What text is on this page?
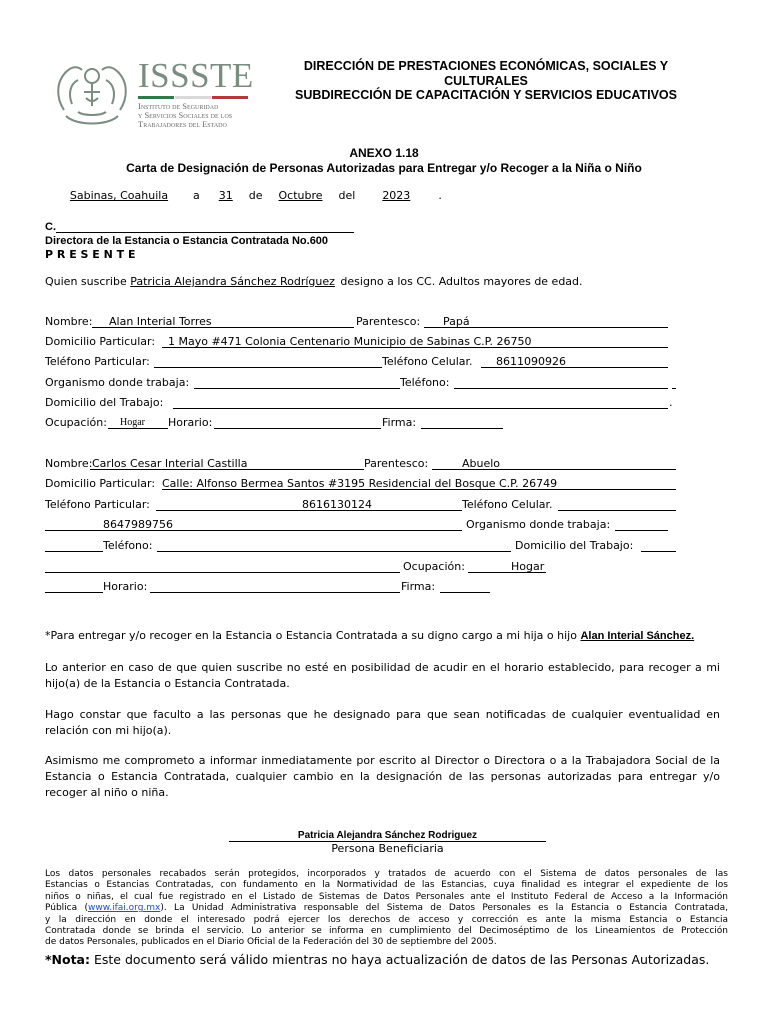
ISSSTE
Instituto de Seguridad
y Servicios Sociales de los
Trabajadores del Estado
DIRECCIÓN DE PRESTACIONES ECONÓMICAS, SOCIALES Y
CULTURALES
SUBDIRECCIÓN DE CAPACITACIÓN Y SERVICIOS EDUCATIVOS
ANEXO 1.18
Carta de Designación de Personas Autorizadas para Entregar y/o Recoger a la Niña o Niño
Sabinas, Coahuila a 31 de Octubre del 2023	.
C.
Directora de la Estancia o Estancia Contratada No.600
P R E S E N T E
Quien suscribe Patricia Alejandra Sánchez Rodríguez designo a los CC. Adultos mayores de edad.
Nombre: Alan Interial Torres	Parentesco: Papá
Domicilio Particular: 1 Mayo #471 Colonia Centenario Municipio de Sabinas C.P. 26750
Teléfono Particular:	Teléfono Celular. 8611090926
Organismo donde trabaja:	Teléfono:
Domicilio del Trabajo:	.
Ocupación: Hogar Horario:	Firma:
Nombre: Carlos Cesar Interial Castilla	Parentesco:	Abuelo
Domicilio Particular: Calle: Alfonso Bermea Santos #3195 Residencial del Bosque C.P. 26749
Teléfono Particular:	8616130124	Teléfono Celular.
8647989756	Organismo donde trabaja:
Teléfono:	Domicilio del Trabajo:
Ocupación:	Hogar
Horario:	Firma:
*Para entregar y/o recoger en la Estancia o Estancia Contratada a su digno cargo a mi hija o hijo Alan Interial Sánchez.
Lo anterior en caso de que quien suscribe no esté en posibilidad de acudir en el horario establecido, para recoger a mi hijo(a) de la Estancia o Estancia Contratada.
Hago constar que faculto a las personas que he designado para que sean notificadas de cualquier eventualidad en relación con mi hijo(a).
Asimismo me comprometo a informar inmediatamente por escrito al Director o Directora o a la Trabajadora Social de la Estancia o Estancia Contratada, cualquier cambio en la designación de las personas autorizadas para entregar y/o recoger al niño o niña.
Patricia Alejandra Sánchez Rodriguez
Persona Beneficiaria
Los datos personales recabados serán protegidos, incorporados y tratados de acuerdo con el Sistema de datos personales de las
Estancias o Estancias Contratadas, con fundamento en la Normatividad de las Estancias, cuya finalidad es integrar el expediente de los
niños o niñas, el cual fue registrado en el Listado de Sistemas de Datos Personales ante el Instituto Federal de Acceso a la Información
Pública (www.ifai.org.mx). La Unidad Administrativa responsable del Sistema de Datos Personales es la Estancia o Estancia Contratada,
y la dirección en donde el interesado podrá ejercer los derechos de acceso y corrección es ante la misma Estancia o Estancia
Contratada donde se brinda el servicio. Lo anterior se informa en cumplimiento del Decimoséptimo de los Lineamientos de Protección
de datos Personales, publicados en el Diario Oficial de la Federación del 30 de septiembre del 2005.
*Nota: Este documento será válido mientras no haya actualización de datos de las Personas Autorizadas.
